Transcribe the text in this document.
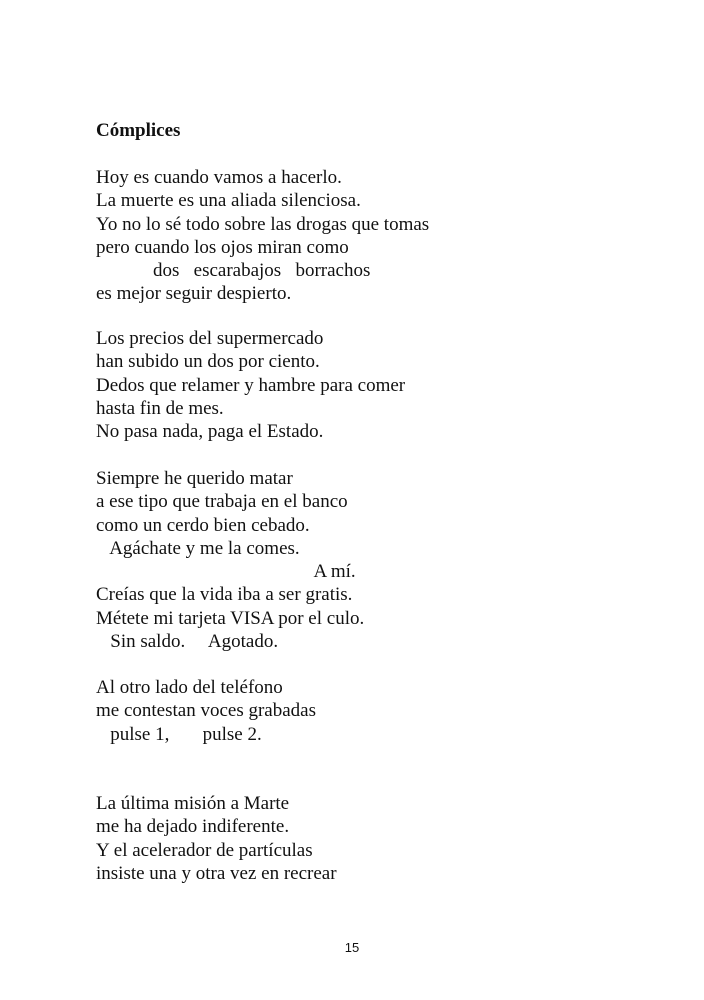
Cómplices
Hoy es cuando vamos a hacerlo.
La muerte es una aliada silenciosa.
Yo no lo sé todo sobre las drogas que tomas
pero cuando los ojos miran como
dos   escarabajos   borrachos
es mejor seguir despierto.
Los precios del supermercado
han subido un dos por ciento.
Dedos que relamer y hambre para comer
hasta fin de mes.
No pasa nada, paga el Estado.
Siempre he querido matar
a ese tipo que trabaja en el banco
como un cerdo bien cebado.
Agáchate y me la comes.
A mí.
Creías que la vida iba a ser gratis.
Métete mi tarjeta VISA por el culo.
Sin saldo.     Agotado.
Al otro lado del teléfono
me contestan voces grabadas
pulse 1,       pulse 2.
La última misión a Marte
me ha dejado indiferente.
Y el acelerador de partículas
insiste una y otra vez en recrear
15
